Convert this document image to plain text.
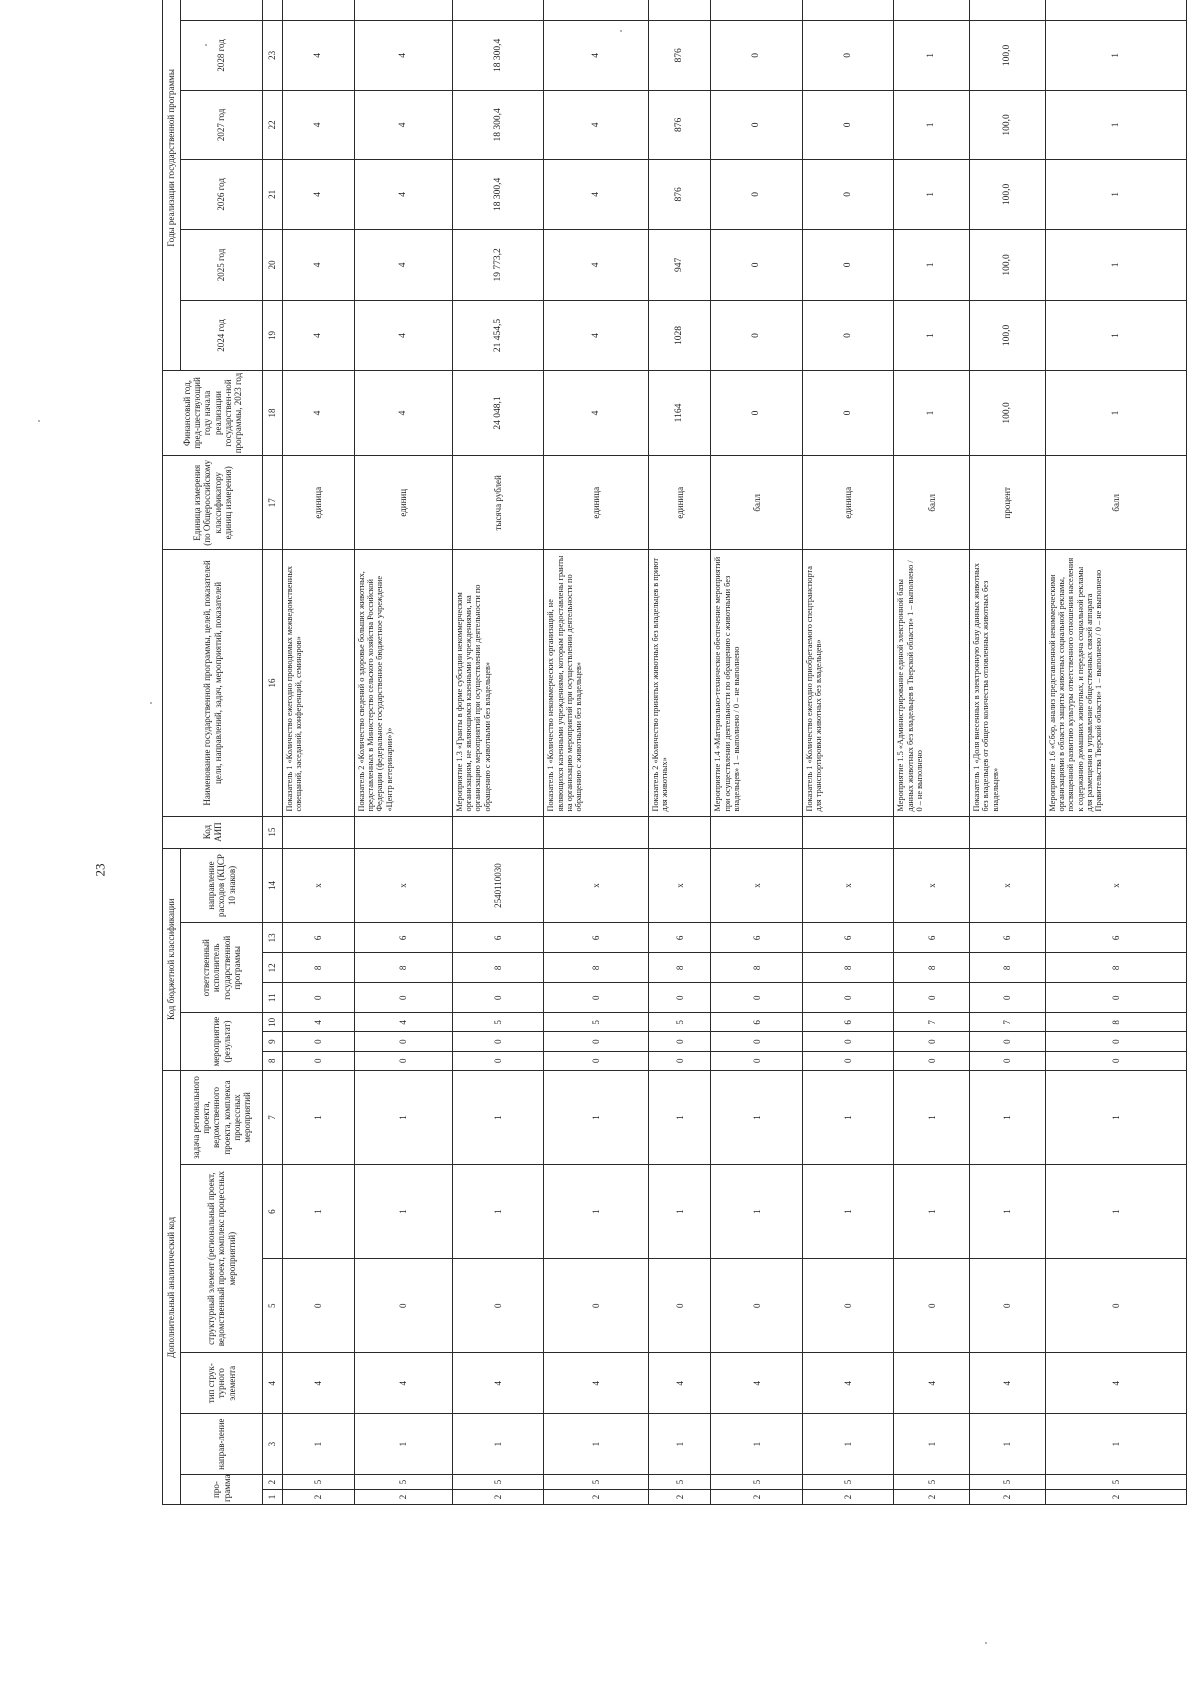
23
Дополнительный аналитический код							Код бюджетной классификации							Код АИП	Наименование государственной программы, целей, показателей цели, направлений, задач, мероприятий, показателей	Единица измерения (по Общероссийскому классификатору единиц измерения)	Финансовый год, пред-шествующий году начала реализации государствен-ной программы, 2023 год	Годы реализации государственной программы					
про-грамма		направ-ление	тип струк-турного элемента	структурный элемент (региональный проект, ведомственный проект, комплекс процессных мероприятий)		задача регионального проекта, ведомственного проекта, комплекса процессных мероприятий	мероприятие (результат)			ответственный исполнитель государственной программы			направление расходов (КЦСР 10 знаков)					2024 год	2025 год	2026 год	2027 год	2028 год	

1	2	3	4	5	6	7	8	9	10	11	12	13	14	15	16	17	18	19	20	21	22	23	
2	5	1	4	0	1	1	0	0	4	0	8	6	x		Показатель 1 «Количество ежегодно проводимых межведомственных совещаний, заседаний, конференций, семинаров»	единица	4	4	4	4	4	4	
2	5	1	4	0	1	1	0	0	4	0	8	6	x		Показатель 2 «Количество сведений о здоровье больших животных, представленных в Министерство сельского хозяйства Российской Федерации (федеральное государственное бюджетное учреждение «Центр ветеринарии»)»	единиц	4	4	4	4	4	4	
2	5	1	4	0	1	1	0	0	5	0	8	6	2540110030		Мероприятие 1.3 «Гранты в форме субсидии некоммерческим организациям, не являющимся казенными учреждениями, на организацию мероприятий при осуществлении деятельности по обращению с животными без владельцев»	тысяча рублей	24 048,1	21 454,5	19 773,2	18 300,4	18 300,4	18 300,4	
2	5	1	4	0	1	1	0	0	5	0	8	6	x		Показатель 1 «Количество некоммерческих организаций, не являющихся казенными учреждениями, которым предоставлены гранты на организацию мероприятий при осуществлении деятельности по обращению с животными без владельцев»	единица	4	4	4	4	4	4	
2	5	1	4	0	1	1	0	0	5	0	8	6	x		Показатель 2 «Количество принятых животных без владельцев в приют для животных»	единица	1164	1028	947	876	876	876	
2	5	1	4	0	1	1	0	0	6	0	8	6	x		Мероприятие 1.4 «Материально-техническое обеспечение мероприятий при осуществлении деятельности по обращению с животными без владельцев» 1 – выполнено / 0 – не выполнено	балл	0	0	0	0	0	0	
2	5	1	4	0	1	1	0	0	6	0	8	6	x		Показатель 1 «Количество ежегодно приобретаемого спецтранспорта для транспортировки животных без владельцев»	единица	0	0	0	0	0	0	
2	5	1	4	0	1	1	0	0	7	0	8	6	x		Мероприятие 1.5 «Администрирование единой электронной базы данных животных без владельцев в Тверской области» 1 – выполнено / 0 – не выполнено	балл	1	1	1	1	1	1	
2	5	1	4	0	1	1	0	0	7	0	8	6	x		Показатель 1 «Доля внесенных в электронную базу данных животных без владельцев от общего количества отловленных животных без владельцев»	процент	100,0	100,0	100,0	100,0	100,0	100,0	
2	5	1	4	0	1	1	0	0	8	0	8	6	x		Мероприятие 1.6 «Сбор, анализ представленной некоммерческими организациями в области защиты животных социальной рекламы, посвященной развитию культуры ответственного отношения населения к содержанию домашних животных, и передача социальной рекламы для размещения в управление общественных связей аппарата Правительства Тверской области» 1 – выполнено / 0 – не выполнено	балл	1	1	1	1	1	1	
